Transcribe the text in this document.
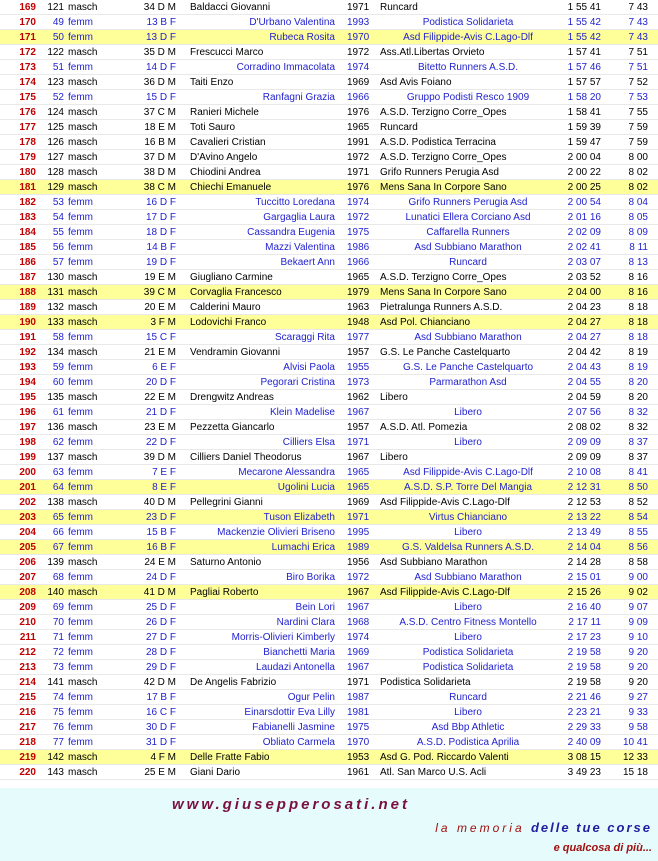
169	121 masch	34 D M Baldacci Giovanni	1971	Runcard	1 55 41	7 43
170	49 femm	13 B F	D'Urbano Valentina 1993	Podistica Solidarieta	1 55 42	7 43
171	50 femm	13 D F	Rubeca Rosita 1970	Asd Filippide-Avis C.Lago-Dlf	1 55 42	7 43
172	122 masch	35 D M Frescucci Marco	1972	Ass.Atl.Libertas Orvieto	1 57 41	7 51
173	51 femm	14 D F	Corradino Immacolata 1974	Bitetto Runners A.S.D.	1 57 46	7 51
174	123 masch	36 D M Taiti Enzo	1969	Asd Avis Foiano	1 57 57	7 52
175	52 femm	15 D F	Ranfagni Grazia 1966	Gruppo Podisti Resco 1909	1 58 20	7 53
176	124 masch	37 C M Ranieri Michele	1976	A.S.D. Terzigno Corre_Opes	1 58 41	7 55
177	125 masch	18 E M Toti Sauro	1965	Runcard	1 59 39	7 59
178	126 masch	16 B M Cavalieri Cristian	1991	A.S.D. Podistica Terracina	1 59 47	7 59
179	127 masch	37 D M D'Avino Angelo	1972	A.S.D. Terzigno Corre_Opes	2 00 04	8 00
180	128 masch	38 D M Chiodini Andrea	1971	Grifo Runners Perugia Asd	2 00 22	8 02
181	129 masch	38 C M Chiechi Emanuele	1976	Mens Sana In Corpore Sano	2 00 25	8 02
182	53 femm	16 D F	Tuccitto Loredana 1974	Grifo Runners Perugia Asd	2 00 54	8 04
183	54 femm	17 D F	Gargaglia Laura 1972	Lunatici Ellera Corciano Asd	2 01 16	8 05
184	55 femm	18 D F	Cassandra Eugenia 1975	Caffarella Runners	2 02 09	8 09
185	56 femm	14 B F	Mazzi Valentina 1986	Asd Subbiano Marathon	2 02 41	8 11
186	57 femm	19 D F	Bekaert Ann 1966	Runcard	2 03 07	8 13
187	130 masch	19 E M Giugliano Carmine	1965	A.S.D. Terzigno Corre_Opes	2 03 52	8 16
188	131 masch	39 C M Corvaglia Francesco	1979	Mens Sana In Corpore Sano	2 04 00	8 16
189	132 masch	20 E M Calderini Mauro	1963	Pietralunga Runners A.S.D.	2 04 23	8 18
190	133 masch	3 F M Lodovichi Franco	1948	Asd Pol. Chianciano	2 04 27	8 18
191	58 femm	15 C F	Scaraggi Rita 1977	Asd Subbiano Marathon	2 04 27	8 18
192	134 masch	21 E M Vendramin Giovanni	1957	G.S. Le Panche Castelquarto	2 04 42	8 19
193	59 femm	6 E F	Alvisi Paola 1955	G.S. Le Panche Castelquarto	2 04 43	8 19
194	60 femm	20 D F	Pegorari Cristina 1973	Parmarathon Asd	2 04 55	8 20
195	135 masch	22 E M Drengwitz Andreas	1962	Libero	2 04 59	8 20
196	61 femm	21 D F	Klein Madelise 1967	Libero	2 07 56	8 32
197	136 masch	23 E M Pezzetta Giancarlo	1957	A.S.D. Atl. Pomezia	2 08 02	8 32
198	62 femm	22 D F	Cilliers Elsa 1971	Libero	2 09 09	8 37
199	137 masch	39 D M Cilliers Daniel Theodorus	1967	Libero	2 09 09	8 37
200	63 femm	7 E F	Mecarone Alessandra 1965	Asd Filippide-Avis C.Lago-Dlf	2 10 08	8 41
201	64 femm	8 E F	Ugolini Lucia 1965	A.S.D. S.P. Torre Del Mangia	2 12 31	8 50
202	138 masch	40 D M Pellegrini Gianni	1969	Asd Filippide-Avis C.Lago-Dlf	2 12 53	8 52
203	65 femm	23 D F	Tuson Elizabeth 1971	Virtus Chianciano	2 13 22	8 54
204	66 femm	15 B F	Mackenzie Olivieri Briseno 1995	Libero	2 13 49	8 55
205	67 femm	16 B F	Lumachi Erica 1989	G.S. Valdelsa Runners A.S.D.	2 14 04	8 56
206	139 masch	24 E M Saturno Antonio	1956	Asd Subbiano Marathon	2 14 28	8 58
207	68 femm	24 D F	Biro Borika 1972	Asd Subbiano Marathon	2 15 01	9 00
208	140 masch	41 D M Pagliai Roberto	1967	Asd Filippide-Avis C.Lago-Dlf	2 15 26	9 02
209	69 femm	25 D F	Bein Lori 1967	Libero	2 16 40	9 07
210	70 femm	26 D F	Nardini Clara 1968	A.S.D. Centro Fitness Montello	2 17 11	9 09
211	71 femm	27 D F	Morris-Olivieri Kimberly 1974	Libero	2 17 23	9 10
212	72 femm	28 D F	Bianchetti Maria 1969	Podistica Solidarieta	2 19 58	9 20
213	73 femm	29 D F	Laudazi Antonella 1967	Podistica Solidarieta	2 19 58	9 20
214	141 masch	42 D M De Angelis Fabrizio	1971	Podistica Solidarieta	2 19 58	9 20
215	74 femm	17 B F	Ogur Pelin 1987	Runcard	2 21 46	9 27
216	75 femm	16 C F	Einarsdottir Eva Lilly 1981	Libero	2 23 21	9 33
217	76 femm	30 D F	Fabianelli Jasmine 1975	Asd Bbp Athletic	2 29 33	9 58
218	77 femm	31 D F	Obliato Carmela 1970	A.S.D. Podistica Aprilia	2 40 09	10 41
219	142 masch	4 F M Delle Fratte Fabio	1953	Asd G. Pod. Riccardo Valenti	3 08 15	12 33
220	143 masch	25 E M Giani Dario	1961	Atl. San Marco U.S. Acli	3 49 23	15 18
www.giusepperosati.net
la memoria delle tue corse
e qualcosa di più...
